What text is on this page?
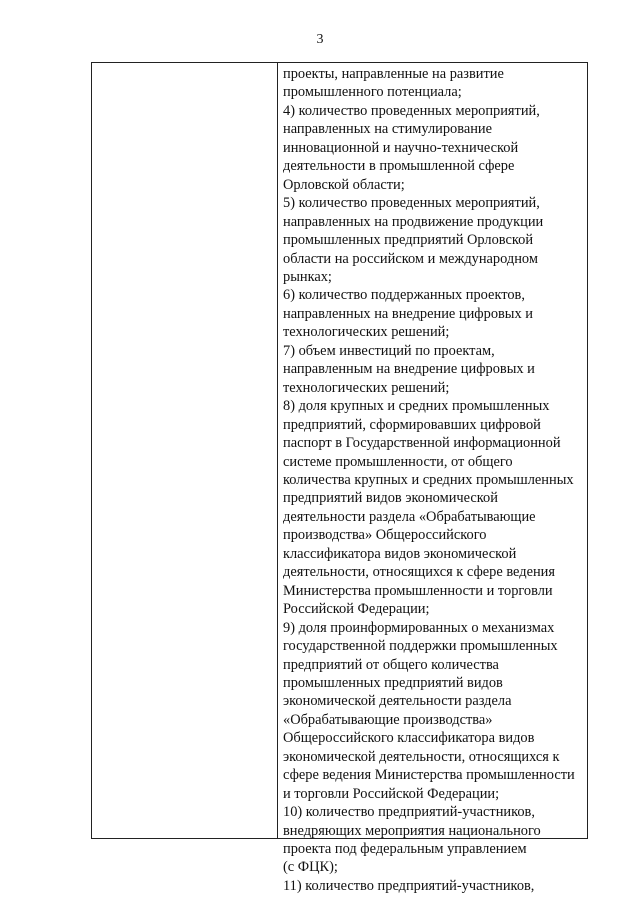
3
проекты, направленные на развитие
промышленного потенциала;
4) количество проведенных мероприятий,
направленных на стимулирование
инновационной и научно-технической
деятельности в промышленной сфере
Орловской области;
5) количество проведенных мероприятий,
направленных на продвижение продукции
промышленных предприятий Орловской
области на российском и международном
рынках;
6) количество поддержанных проектов,
направленных на внедрение цифровых и
технологических решений;
7) объем инвестиций по проектам,
направленным на внедрение цифровых и
технологических решений;
8) доля крупных и средних промышленных
предприятий, сформировавших цифровой
паспорт в Государственной информационной
системе промышленности, от общего
количества крупных и средних промышленных
предприятий видов экономической
деятельности раздела «Обрабатывающие
производства» Общероссийского
классификатора видов экономической
деятельности, относящихся к сфере ведения
Министерства промышленности и торговли
Российской Федерации;
9) доля проинформированных о механизмах
государственной поддержки промышленных
предприятий от общего количества
промышленных предприятий видов
экономической деятельности раздела
«Обрабатывающие производства»
Общероссийского классификатора видов
экономической деятельности, относящихся к
сфере ведения Министерства промышленности
и торговли Российской Федерации;
10) количество предприятий-участников,
внедряющих мероприятия национального
проекта под федеральным управлением
(с ФЦК);
11) количество предприятий-участников,
